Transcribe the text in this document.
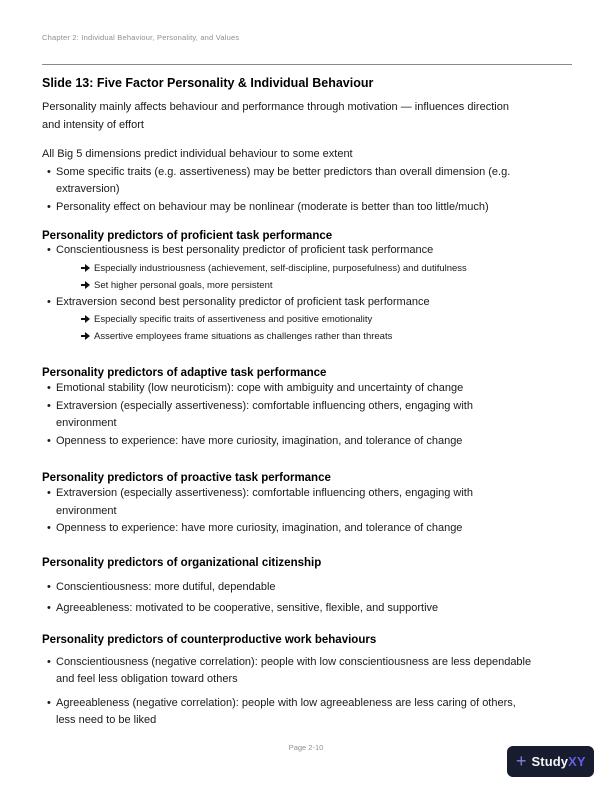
Chapter 2: Individual Behaviour, Personality, and Values
Slide 13: Five Factor Personality & Individual Behaviour

Personality mainly affects behaviour and performance through motivation — influences direction and intensity of effort

All Big 5 dimensions predict individual behaviour to some extent

• Some specific traits (e.g. assertiveness) may be better predictors than overall dimension (e.g. extraversion)
• Personality effect on behaviour may be nonlinear (moderate is better than too little/much)
Personality predictors of proficient task performance
• Conscientiousness is best personality predictor of proficient task performance
Especially industriousness (achievement, self-discipline, purposefulness) and dutifulness
Set higher personal goals, more persistent
• Extraversion second best personality predictor of proficient task performance
Especially specific traits of assertiveness and positive emotionality
Assertive employees frame situations as challenges rather than threats
Personality predictors of adaptive task performance
• Emotional stability (low neuroticism): cope with ambiguity and uncertainty of change
• Extraversion (especially assertiveness): comfortable influencing others, engaging with environment
• Openness to experience: have more curiosity, imagination, and tolerance of change
Personality predictors of proactive task performance
• Extraversion (especially assertiveness): comfortable influencing others, engaging with environment
• Openness to experience: have more curiosity, imagination, and tolerance of change
Personality predictors of organizational citizenship
• Conscientiousness: more dutiful, dependable
• Agreeableness: motivated to be cooperative, sensitive, flexible, and supportive
Personality predictors of counterproductive work behaviours
• Conscientiousness (negative correlation): people with low conscientiousness are less dependable and feel less obligation toward others
• Agreeableness (negative correlation): people with low agreeableness are less caring of others, less need to be liked
Page 2-10
+ Study XY
